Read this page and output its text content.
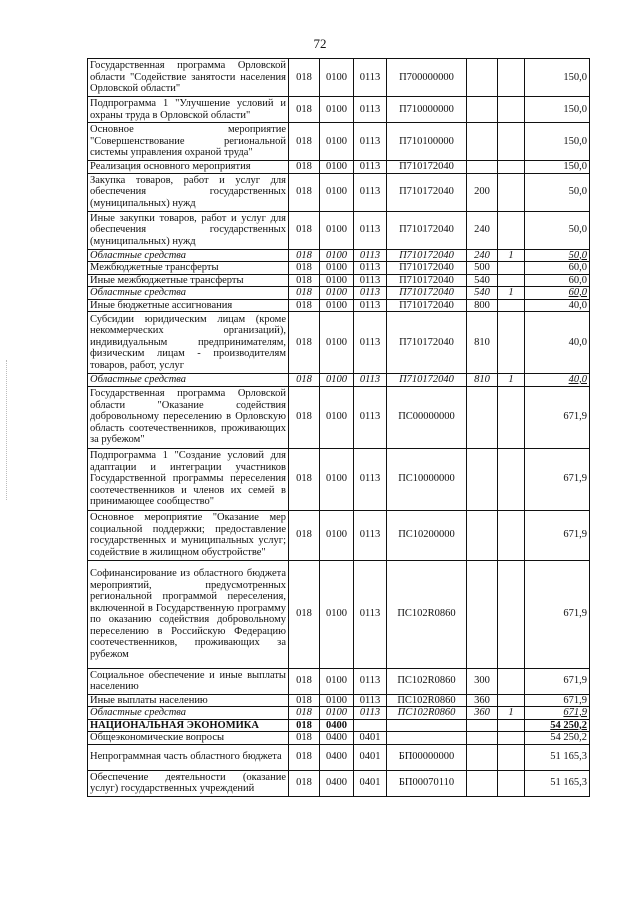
72
Государственная программа Орловской области "Содействие занятости населения Орловской области"	018	0100	0113	П700000000			150,0
Подпрограмма 1 "Улучшение условий и охраны труда в Орловской области"	018	0100	0113	П710000000			150,0
Основное мероприятие "Совершенствование региональной системы управления охраной труда"	018	0100	0113	П710100000			150,0
Реализация основного мероприятия	018	0100	0113	П710172040			150,0
Закупка товаров, работ и услуг для обеспечения государственных (муниципальных) нужд	018	0100	0113	П710172040	200		50,0
Иные закупки товаров, работ и услуг для обеспечения государственных (муниципальных) нужд	018	0100	0113	П710172040	240		50,0
Областные средства	018	0100	0113	П710172040	240	1	50,0
Межбюджетные трансферты	018	0100	0113	П710172040	500		60,0
Иные межбюджетные трансферты	018	0100	0113	П710172040	540		60,0
Областные средства	018	0100	0113	П710172040	540	1	60,0
Иные бюджетные ассигнования	018	0100	0113	П710172040	800		40,0
Субсидии юридическим лицам (кроме некоммерческих организаций), индивидуальным предпринимателям, физическим лицам - производителям товаров, работ, услуг	018	0100	0113	П710172040	810		40,0
Областные средства	018	0100	0113	П710172040	810	1	40,0
Государственная программа Орловской области "Оказание содействия добровольному переселению в Орловскую область соотечественников, проживающих за рубежом"	018	0100	0113	ПС00000000			671,9
Подпрограмма 1 "Создание условий для адаптации и интеграции участников Государственной программы переселения соотечественников и членов их семей в принимающее сообщество"	018	0100	0113	ПС10000000			671,9
Основное мероприятие "Оказание мер социальной поддержки; предоставление государственных и муниципальных услуг; содействие в жилищном обустройстве"	018	0100	0113	ПС10200000			671,9
Софинансирование из областного бюджета мероприятий, предусмотренных региональной программой переселения, включенной в Государственную программу по оказанию содействия добровольному переселению в Российскую Федерацию соотечественников, проживающих за рубежом	018	0100	0113	ПС102R0860			671,9
Социальное обеспечение и иные выплаты населению	018	0100	0113	ПС102R0860	300		671,9
Иные выплаты населению	018	0100	0113	ПС102R0860	360		671,9
Областные средства	018	0100	0113	ПС102R0860	360	1	671,9
НАЦИОНАЛЬНАЯ ЭКОНОМИКА	018	0400					54 250,2
Общеэкономические вопросы	018	0400	0401				54 250,2
Непрограммная часть областного бюджета	018	0400	0401	БП00000000			51 165,3
Обеспечение деятельности (оказание услуг) государственных учреждений	018	0400	0401	БП00070110			51 165,3
